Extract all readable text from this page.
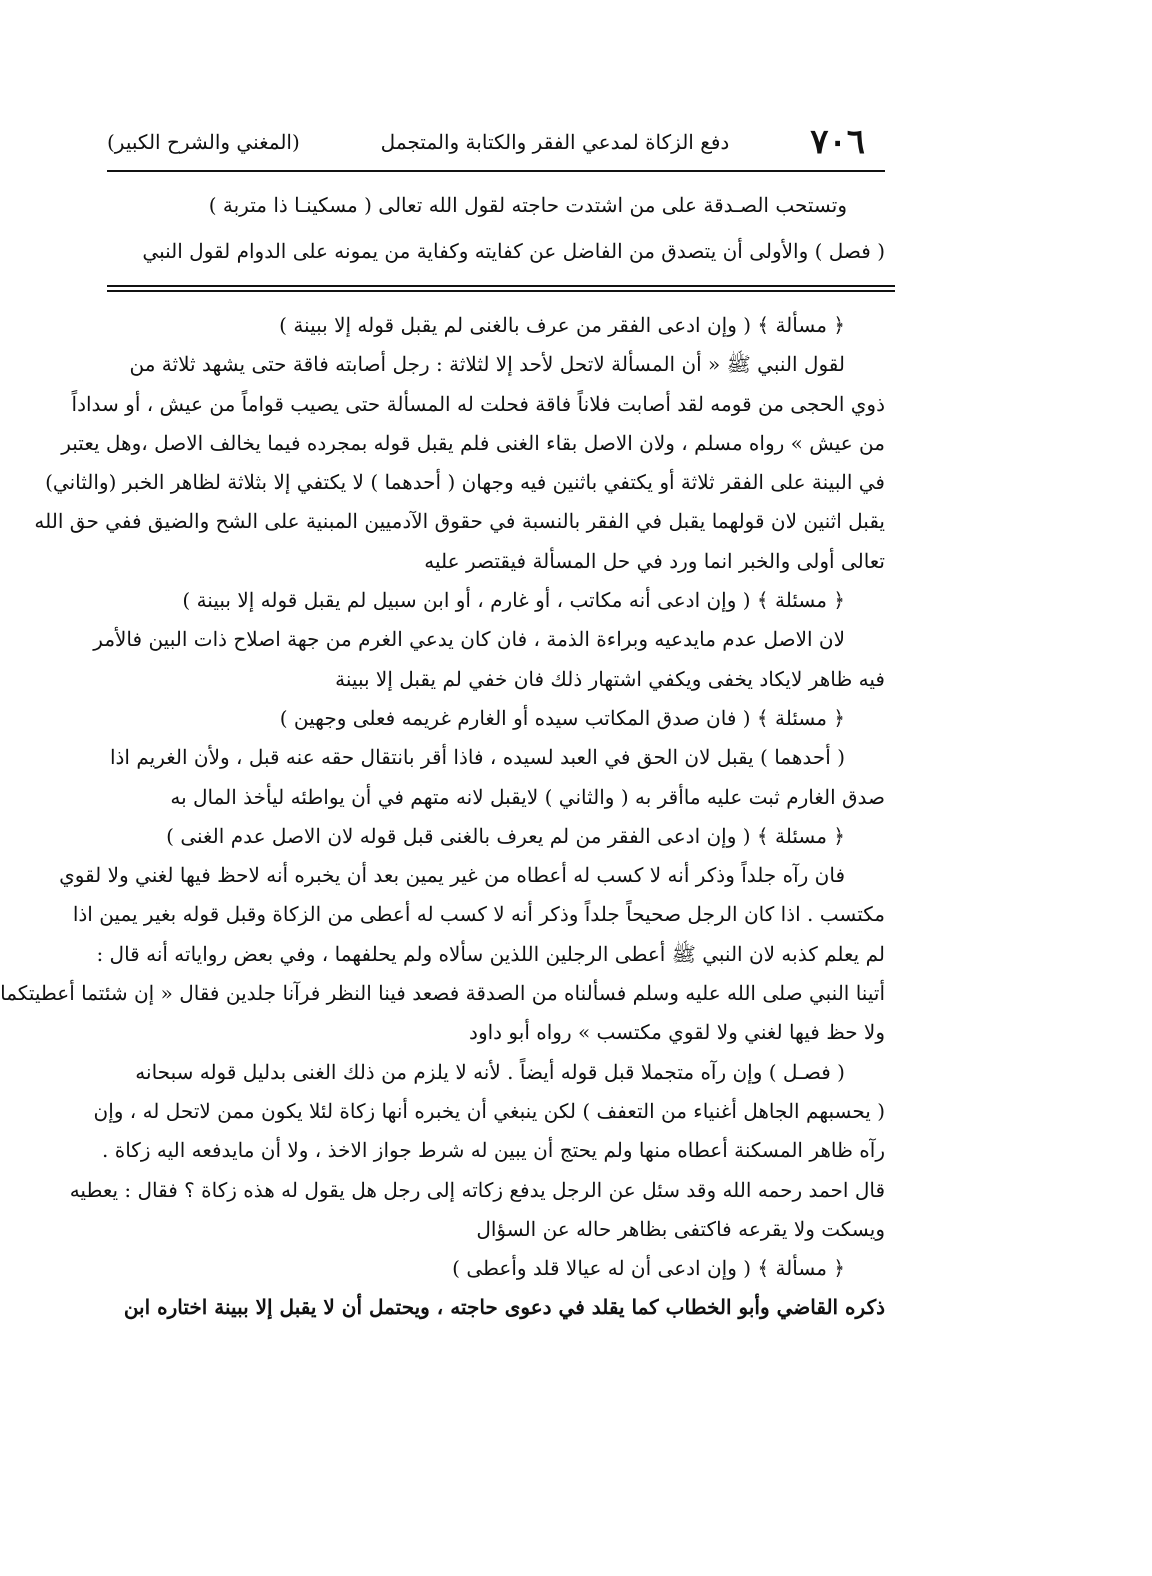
٧٠٦
دفع الزكاة لمدعي الفقر والكتابة والمتجمل
(المغني والشرح الكبير)
وتستحب الصـدقة على من اشتدت حاجته لقول الله تعالى ( مسكينـا ذا متربة )
( فصل ) والأولى أن يتصدق من الفاضل عن كفايته وكفاية من يمونه على الدوام لقول النبي
﴿ مسألة ﴾ ( وإن ادعى الفقر من عرف بالغنى لم يقبل قوله إلا ببينة )
لقول النبي ﷺ « أن المسألة لاتحل لأحد إلا لثلاثة : رجل أصابته فاقة حتى يشهد ثلاثة من
ذوي الحجى من قومه لقد أصابت فلاناً فاقة فحلت له المسألة حتى يصيب قواماً من عيش ، أو سداداً
من عيش » رواه مسلم ، ولان الاصل بقاء الغنى فلم يقبل قوله بمجرده فيما يخالف الاصل ،وهل يعتبر
في البينة على الفقر ثلاثة أو يكتفي باثنين فيه وجهان ( أحدهما ) لا يكتفي إلا بثلاثة لظاهر الخبر (والثاني)
يقبل اثنين لان قولهما يقبل في الفقر بالنسبة في حقوق الآدميين المبنية على الشح والضيق ففي حق الله
تعالى أولى والخبر انما ورد في حل المسألة فيقتصر عليه
﴿ مسئلة ﴾ ( وإن ادعى أنه مكاتب ، أو غارم ، أو ابن سبيل لم يقبل قوله إلا ببينة )
لان الاصل عدم مايدعيه وبراءة الذمة ، فان كان يدعي الغرم من جهة اصلاح ذات البين فالأمر
فيه ظاهر لايكاد يخفى ويكفي اشتهار ذلك فان خفي لم يقبل إلا ببينة
﴿ مسئلة ﴾ ( فان صدق المكاتب سيده أو الغارم غريمه فعلى وجهين )
( أحدهما ) يقبل لان الحق في العبد لسيده ، فاذا أقر بانتقال حقه عنه قبل ، ولأن الغريم اذا
صدق الغارم ثبت عليه ماأقر به ( والثاني ) لايقبل لانه متهم في أن يواطئه ليأخذ المال به
﴿ مسئلة ﴾ ( وإن ادعى الفقر من لم يعرف بالغنى قبل قوله لان الاصل عدم الغنى )
فان رآه جلداً وذكر أنه لا كسب له أعطاه من غير يمين بعد أن يخبره أنه لاحظ فيها لغني ولا لقوي
مكتسب . اذا كان الرجل صحيحاً جلداً وذكر أنه لا كسب له أعطى من الزكاة وقبل قوله بغير يمين اذا
لم يعلم كذبه لان النبي ﷺ أعطى الرجلين اللذين سألاه ولم يحلفهما ، وفي بعض رواياته أنه قال :
أتينا النبي صلى الله عليه وسلم فسألناه من الصدقة فصعد فينا النظر فرآنا جلدين فقال « إن شئتما أعطيتكما
ولا حظ فيها لغني ولا لقوي مكتسب » رواه أبو داود
( فصـل ) وإن رآه متجملا قبل قوله أيضاً . لأنه لا يلزم من ذلك الغنى بدليل قوله سبحانه
( يحسبهم الجاهل أغنياء من التعفف ) لكن ينبغي أن يخبره أنها زكاة لئلا يكون ممن لاتحل له ، وإن
رآه ظاهر المسكنة أعطاه منها ولم يحتج أن يبين له شرط جواز الاخذ ، ولا أن مايدفعه اليه زكاة .
قال احمد رحمه الله وقد سئل عن الرجل يدفع زكاته إلى رجل هل يقول له هذه زكاة ؟ فقال : يعطيه
ويسكت ولا يقرعه فاكتفى بظاهر حاله عن السؤال
﴿ مسألة ﴾ ( وإن ادعى أن له عيالا قلد وأعطى )
ذكره القاضي وأبو الخطاب كما يقلد في دعوى حاجته ، ويحتمل أن لا يقبل إلا ببينة اختاره ابن
